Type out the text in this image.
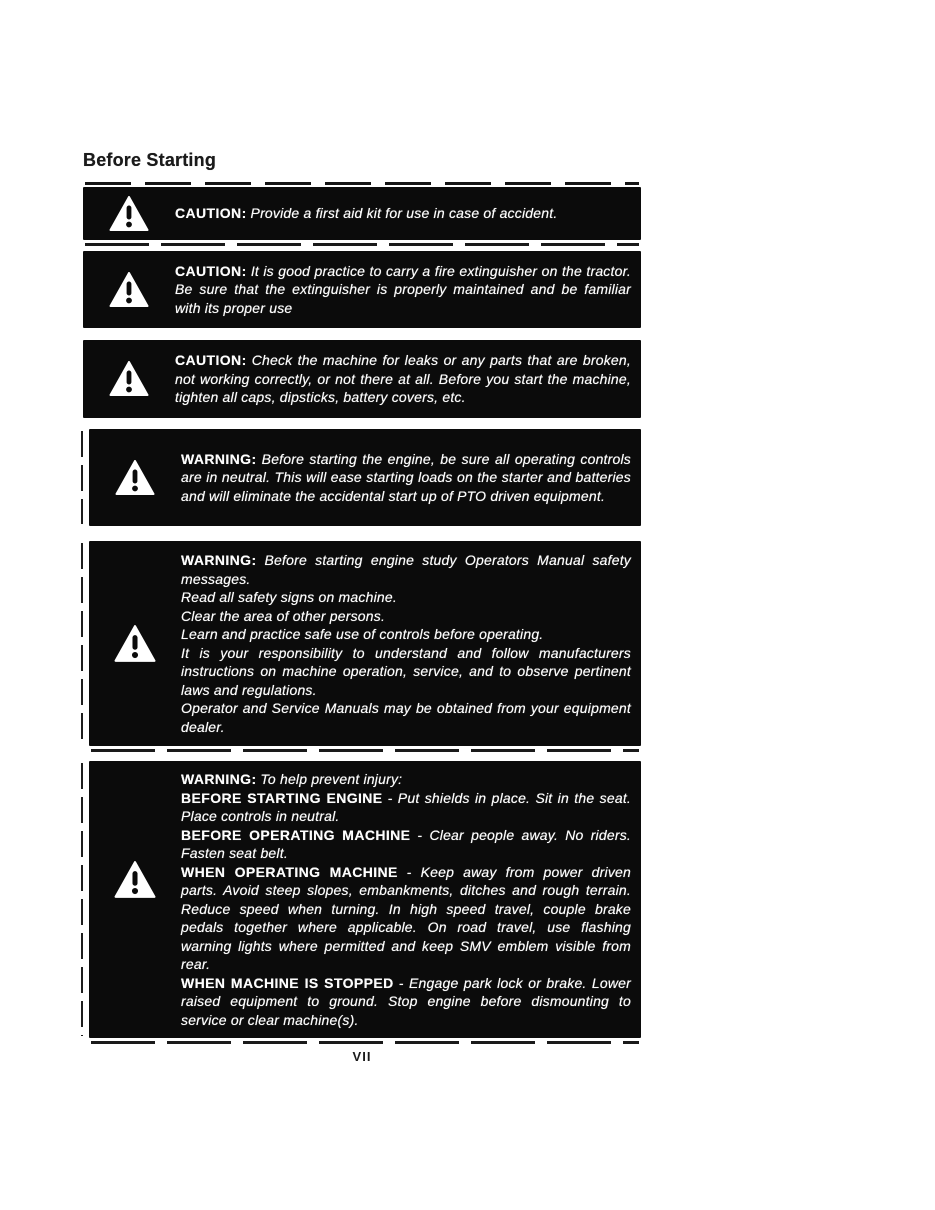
Before Starting

CAUTION: Provide a first aid kit for use in case of accident.

CAUTION: It is good practice to carry a fire extinguisher on the tractor. Be sure that the extinguisher is properly maintained and be familiar with its proper use

CAUTION: Check the machine for leaks or any parts that are broken, not working correctly, or not there at all. Before you start the machine, tighten all caps, dipsticks, battery covers, etc.

WARNING: Before starting the engine, be sure all operating controls are in neutral. This will ease starting loads on the starter and batteries and will eliminate the accidental start up of PTO driven equipment.

WARNING: Before starting engine study Operators Manual safety messages.

Read all safety signs on machine.

Clear the area of other persons.

Learn and practice safe use of controls before operating.

It is your responsibility to understand and follow manufacturers instructions on machine operation, service, and to observe pertinent laws and regulations.

Operator and Service Manuals may be obtained from your equipment dealer.

WARNING: To help prevent injury:

BEFORE STARTING ENGINE - Put shields in place. Sit in the seat. Place controls in neutral.

BEFORE OPERATING MACHINE - Clear people away. No riders. Fasten seat belt.

WHEN OPERATING MACHINE - Keep away from power driven parts. Avoid steep slopes, embankments, ditches and rough terrain. Reduce speed when turning. In high speed travel, couple brake pedals together where applicable. On road travel, use flashing warning lights where permitted and keep SMV emblem visible from rear.

WHEN MACHINE IS STOPPED - Engage park lock or brake. Lower raised equipment to ground. Stop engine before dismounting to service or clear machine(s).

VII
